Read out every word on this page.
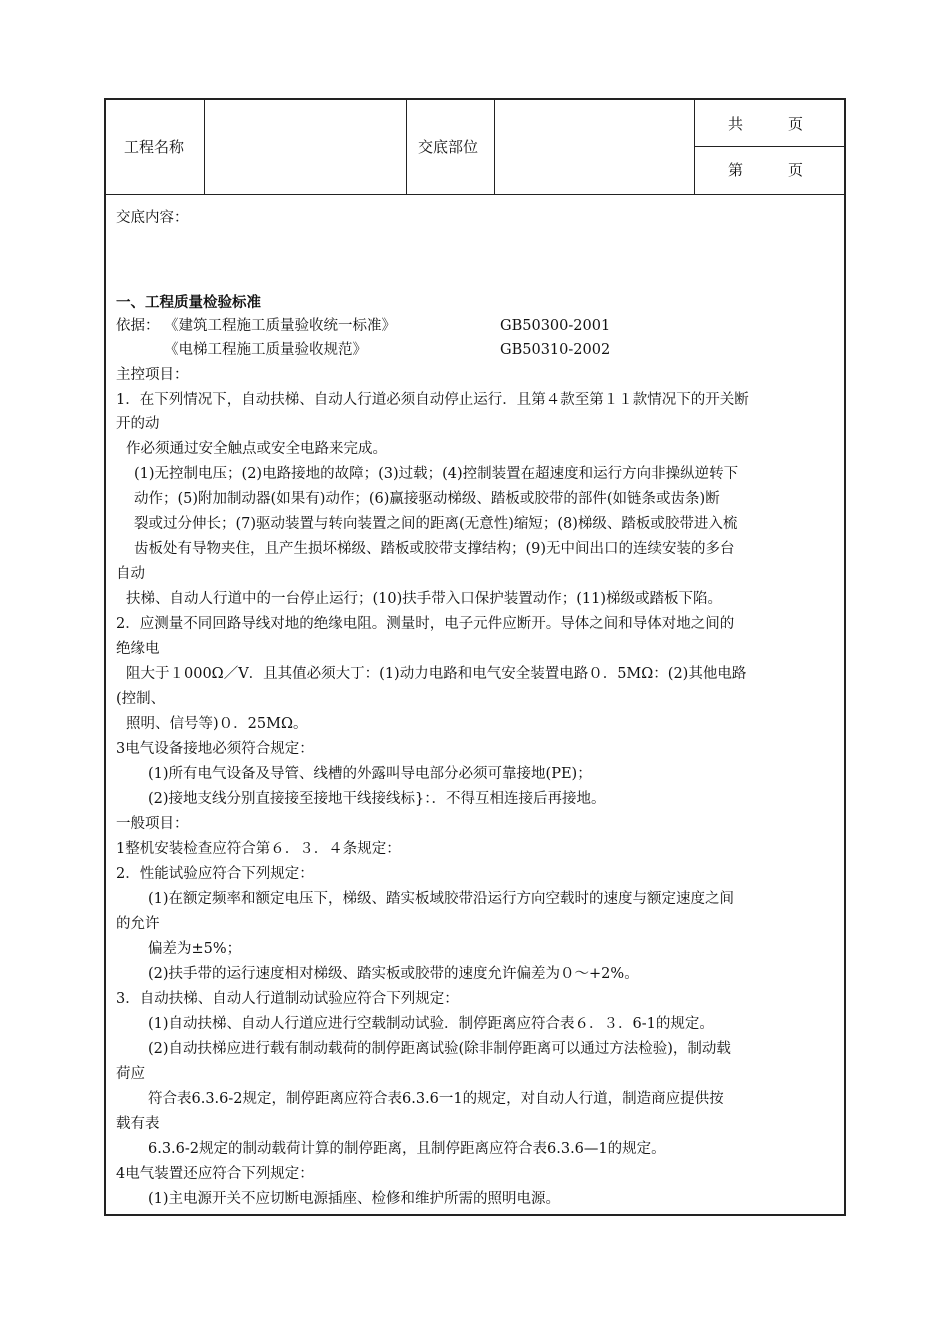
工程名称	交底部位
共　　　页
第　　　页
交底内容：
一、工程质量检验标准
依据： 《建筑工程施工质量验收统一标准》	GB50300-2001
《电梯工程施工质量验收规范》	GB50310-2002
主控项目：
1．在下列情况下，自动扶梯、自动人行道必须自动停止运行．且第４款至第１１款情况下的开关断
开的动
作必须通过安全触点或安全电路来完成。
(1)无控制电压；(2)电路接地的故障；(3)过载；(4)控制装置在超速度和运行方向非操纵逆转下
动作；(5)附加制动器(如果有)动作；(6)赢接驱动梯级、踏板或胶带的部件(如链条或齿条)断
裂或过分伸长；(7)驱动装置与转向装置之间的距离(无意性)缩短；(8)梯级、踏板或胶带进入梳
齿板处有导物夹住，且产生损坏梯级、踏板或胶带支撑结构；(9)无中间出口的连续安装的多台
自动
扶梯、自动人行道中的一台停止运行；(10)扶手带入口保护装置动作；(11)梯级或踏板下陷。
2．应测量不同回路导线对地的绝缘电阻。测量时，电子元件应断开。导体之间和导体对地之间的
绝缘电
阻大于１000Ω／V．且其值必须大丁：(1)动力电路和电气安全装置电路０．5MΩ：(2)其他电路
(控制、
照明、信号等)０．25MΩ。
3电气设备接地必须符合规定：
(1)所有电气设备及导管、线槽的外露叫导电部分必须可靠接地(PE)；
(2)接地支线分别直接接至接地干线接线标}：．不得互相连接后再接地。
一般项目：
1整机安装检查应符合第６．３．４条规定：
2．性能试验应符合下列规定：
(1)在额定频率和额定电压下，梯级、踏实板域胶带沿运行方向空载时的速度与额定速度之间
的允许
偏差为±5%；
(2)扶手带的运行速度相对梯级、踏实板或胶带的速度允许偏差为０～+2%。
3．自动扶梯、自动人行道制动试验应符合下列规定：
(1)自动扶梯、自动人行道应进行空载制动试验．制停距离应符合表６．３．6-1的规定。
(2)自动扶梯应进行载有制动载荷的制停距离试验(除非制停距离可以通过方法检验)，制动载
荷应
符合表6.3.6-2规定，制停距离应符合表6.3.6一1的规定，对自动人行道，制造商应提供按
载有表
6.3.6-2规定的制动载荷计算的制停距离，且制停距离应符合表6.3.6—1的规定。
4电气装置还应符合下列规定：
(1)主电源开关不应切断电源插座、检修和维护所需的照明电源。
